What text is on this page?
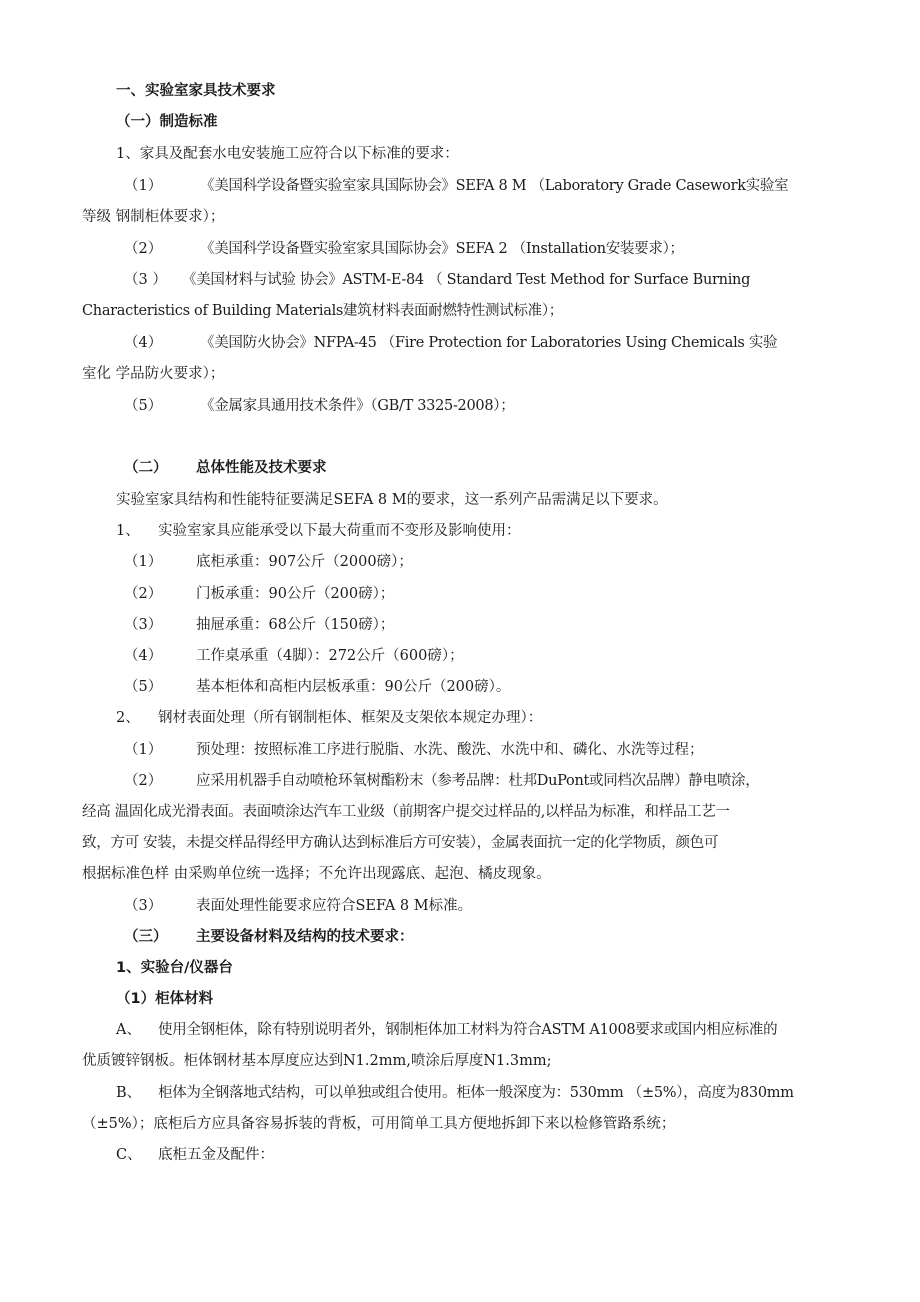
一、实验室家具技术要求
（一）制造标准
1、家具及配套水电安装施工应符合以下标准的要求：
（1）	《美国科学设备暨实验室家具国际协会》SEFA 8 M （Laboratory Grade Casework实验室
等级 钢制柜体要求）；
（2）	《美国科学设备暨实验室家具国际协会》SEFA 2 （Installation安装要求）；
（3 ） 《美国材料与试验 协会》ASTM-E-84 （ Standard Test Method for Surface Burning
Characteristics of Building Materials建筑材料表面耐燃特性测试标准）；
（4）	《美国防火协会》NFPA-45 （Fire Protection for Laboratories Using Chemicals 实验
室化 学品防火要求）；
（5）	《金属家具通用技术条件》（GB/T 3325-2008）；
（二） 总体性能及技术要求
实验室家具结构和性能特征要满足SEFA 8 M的要求，这一系列产品需满足以下要求。
1、 实验室家具应能承受以下最大荷重而不变形及影响使用：
（1） 底柜承重：907公斤（2000磅）；
（2） 门板承重：90公斤（200磅）；
（3） 抽屉承重：68公斤（150磅）；
（4） 工作桌承重（4脚）：272公斤（600磅）；
（5） 基本柜体和高柜内层板承重：90公斤（200磅）。
2、 钢材表面处理（所有钢制柜体、框架及支架依本规定办理）：
（1） 预处理：按照标准工序进行脱脂、水洗、酸洗、水洗中和、磷化、水洗等过程；
（2） 应采用机器手自动喷枪环氧树酯粉末（参考品牌：杜邦DuPont或同档次品牌）静电喷涂，
经高 温固化成光滑表面。表面喷涂达汽车工业级（前期客户提交过样品的,以样品为标准，和样品工艺一
致，方可 安装，未提交样品得经甲方确认达到标准后方可安装），金属表面抗一定的化学物质，颜色可
根据标准色样 由采购单位统一选择；不允许出现露底、起泡、橘皮现象。
（3） 表面处理性能要求应符合SEFA 8 M标准。
（三） 主要设备材料及结构的技术要求：
1、实验台/仪器台
（1）柜体材料
A、 使用全钢柜体，除有特别说明者外，钢制柜体加工材料为符合ASTM A1008要求或国内相应标准的
优质镀锌钢板。柜体钢材基本厚度应达到N1.2mm,喷涂后厚度N1.3mm;
B、 柜体为全钢落地式结构，可以单独或组合使用。柜体一般深度为：530mm （±5%），高度为830mm
（±5%）；底柜后方应具备容易拆装的背板，可用简单工具方便地拆卸下来以检修管路系统；
C、 底柜五金及配件：
